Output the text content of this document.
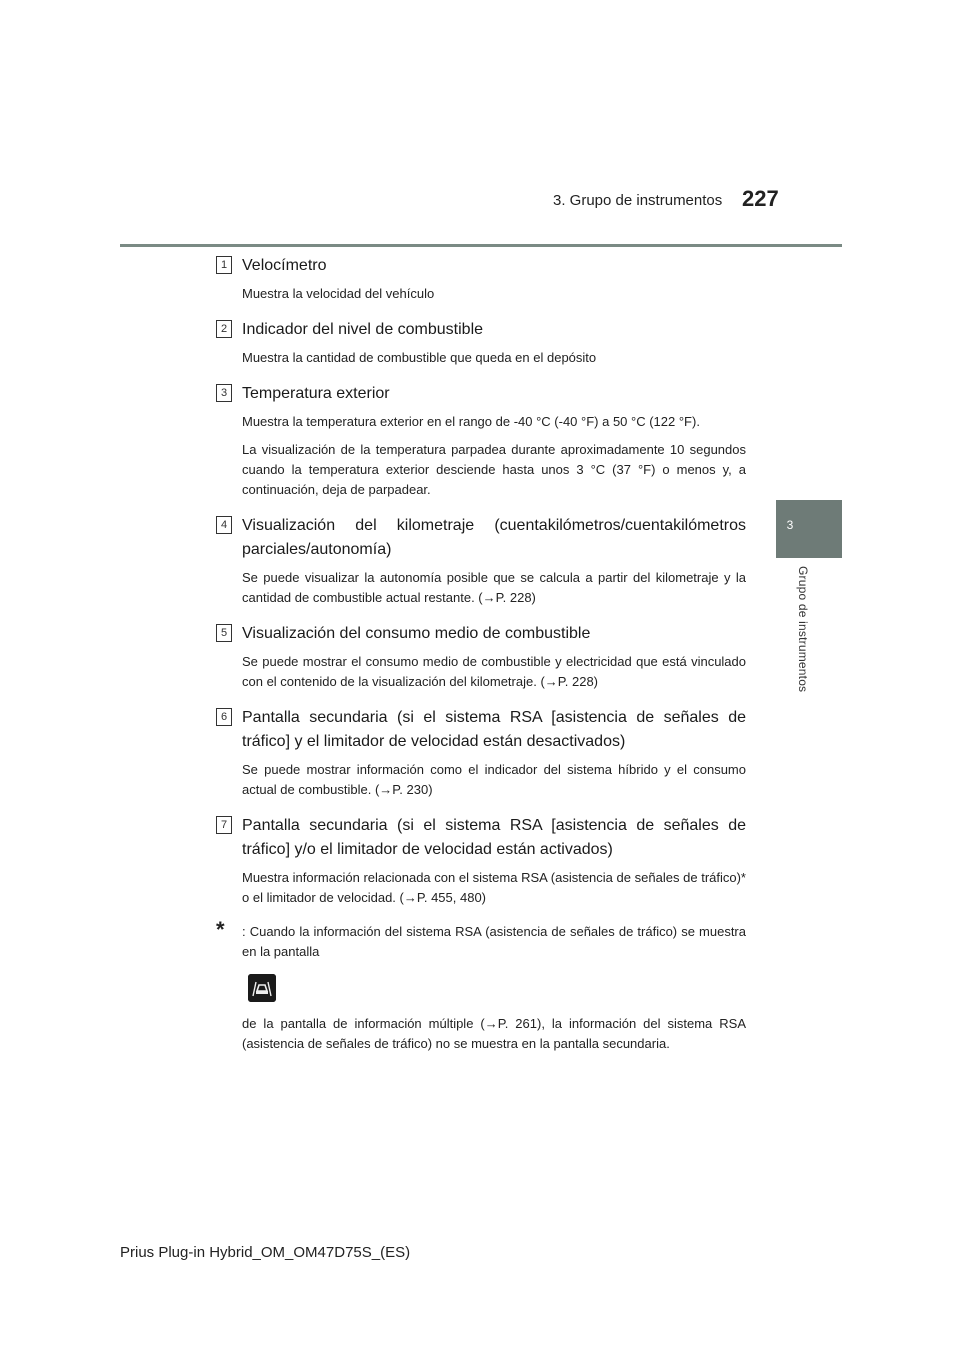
3. Grupo de instrumentos 227
3
Grupo de instrumentos
1 Velocímetro
Muestra la velocidad del vehículo
2 Indicador del nivel de combustible
Muestra la cantidad de combustible que queda en el depósito
3 Temperatura exterior
Muestra la temperatura exterior en el rango de -40 °C (-40 °F) a 50 °C (122 °F).
La visualización de la temperatura parpadea durante aproximadamente 10 segundos cuando la temperatura exterior desciende hasta unos 3 °C (37 °F) o menos y, a continuación, deja de parpadear.
4 Visualización del kilometraje (cuentakilómetros/cuentakilómetros parciales/autonomía)
Se puede visualizar la autonomía posible que se calcula a partir del kilometraje y la cantidad de combustible actual restante. (→P. 228)
5 Visualización del consumo medio de combustible
Se puede mostrar el consumo medio de combustible y electricidad que está vinculado con el contenido de la visualización del kilometraje. (→P. 228)
6 Pantalla secundaria (si el sistema RSA [asistencia de señales de tráfico] y el limitador de velocidad están desactivados)
Se puede mostrar información como el indicador del sistema híbrido y el consumo actual de combustible. (→P. 230)
7 Pantalla secundaria (si el sistema RSA [asistencia de señales de tráfico] y/o el limitador de velocidad están activados)
Muestra información relacionada con el sistema RSA (asistencia de señales de tráfico)* o el limitador de velocidad. (→P. 455, 480)
* : Cuando la información del sistema RSA (asistencia de señales de tráfico) se muestra en la pantalla
de la pantalla de información múltiple (→P. 261), la información del sistema RSA (asistencia de señales de tráfico) no se muestra en la pantalla secundaria.
Prius Plug-in Hybrid_OM_OM47D75S_(ES)
